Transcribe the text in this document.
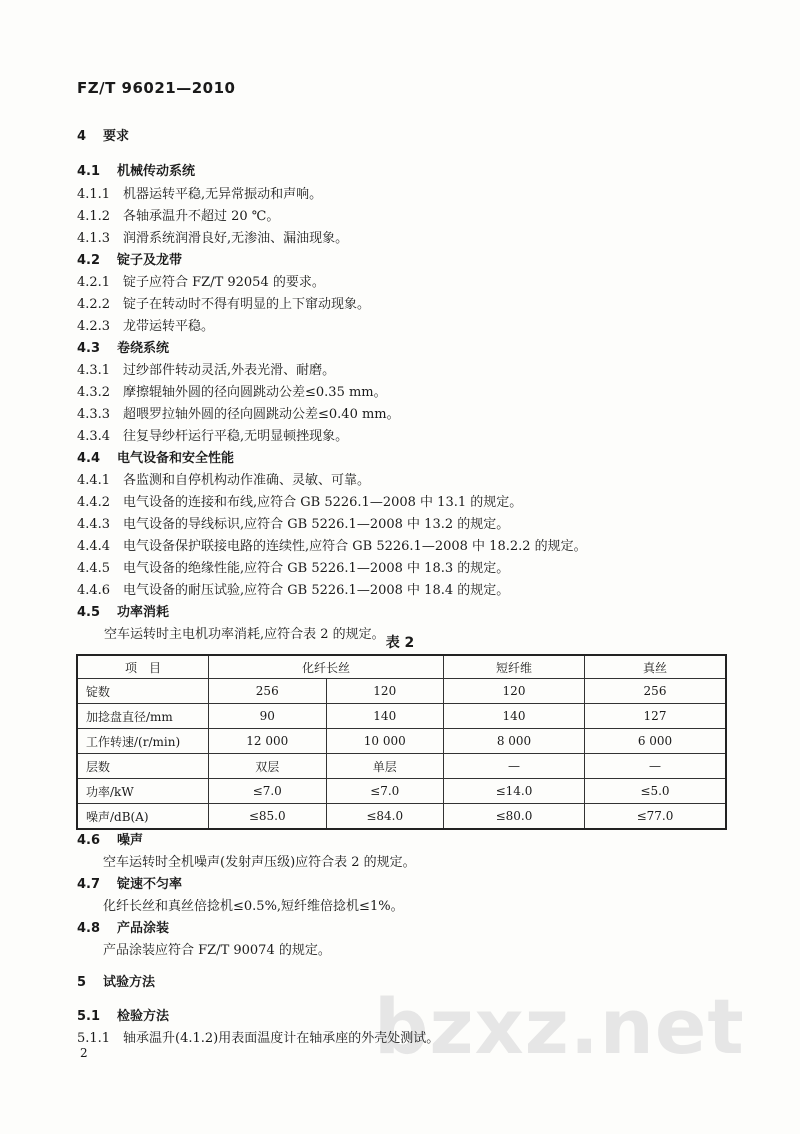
FZ/T 96021—2010
4 要求
4.1 机械传动系统
4.1.1 机器运转平稳,无异常振动和声响。
4.1.2 各轴承温升不超过 20 ℃。
4.1.3 润滑系统润滑良好,无渗油、漏油现象。
4.2 锭子及龙带
4.2.1 锭子应符合 FZ/T 92054 的要求。
4.2.2 锭子在转动时不得有明显的上下窜动现象。
4.2.3 龙带运转平稳。
4.3 卷绕系统
4.3.1 过纱部件转动灵活,外表光滑、耐磨。
4.3.2 摩擦辊轴外圆的径向圆跳动公差≤0.35 mm。
4.3.3 超喂罗拉轴外圆的径向圆跳动公差≤0.40 mm。
4.3.4 往复导纱杆运行平稳,无明显顿挫现象。
4.4 电气设备和安全性能
4.4.1 各监测和自停机构动作准确、灵敏、可靠。
4.4.2 电气设备的连接和布线,应符合 GB 5226.1—2008 中 13.1 的规定。
4.4.3 电气设备的导线标识,应符合 GB 5226.1—2008 中 13.2 的规定。
4.4.4 电气设备保护联接电路的连续性,应符合 GB 5226.1—2008 中 18.2.2 的规定。
4.4.5 电气设备的绝缘性能,应符合 GB 5226.1—2008 中 18.3 的规定。
4.4.6 电气设备的耐压试验,应符合 GB 5226.1—2008 中 18.4 的规定。
4.5 功率消耗
空车运转时主电机功率消耗,应符合表 2 的规定。
表 2
项　目	化纤长丝		短纤维	真丝
锭数	256	120	120	256
加捻盘直径/mm	90	140	140	127
工作转速/(r/min)	12 000	10 000	8 000	6 000
层数	双层	单层	—	—
功率/kW	≤7.0	≤7.0	≤14.0	≤5.0
噪声/dB(A)	≤85.0	≤84.0	≤80.0	≤77.0
4.6 噪声
空车运转时全机噪声(发射声压级)应符合表 2 的规定。
4.7 锭速不匀率
化纤长丝和真丝倍捻机≤0.5%,短纤维倍捻机≤1%。
4.8 产品涂装
产品涂装应符合 FZ/T 90074 的规定。
bzxz.net
5 试验方法
5.1 检验方法
5.1.1 轴承温升(4.1.2)用表面温度计在轴承座的外壳处测试。
2
